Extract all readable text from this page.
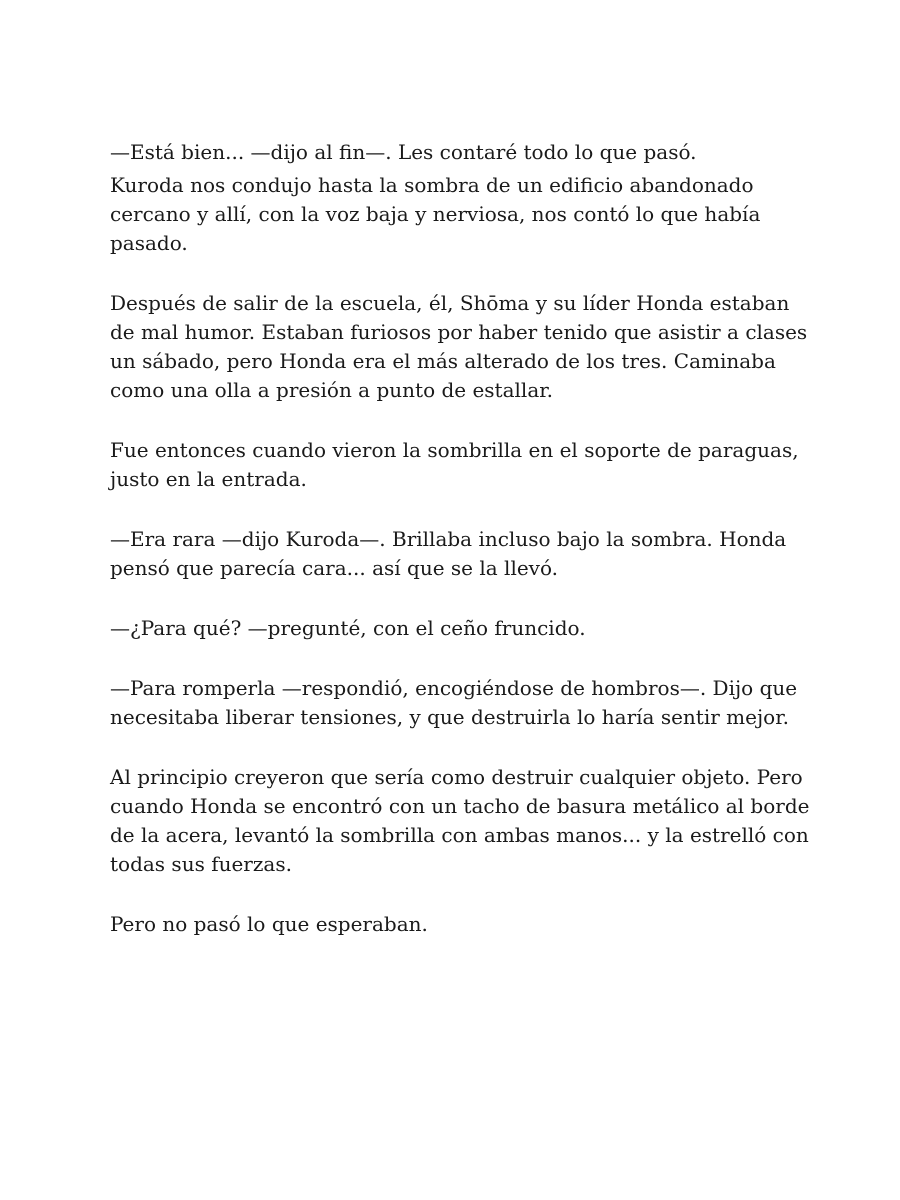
—Está bien... —dijo al fin—. Les contaré todo lo que pasó.

Kuroda nos condujo hasta la sombra de un edificio abandonado cercano y allí, con la voz baja y nerviosa, nos contó lo que había pasado.

Después de salir de la escuela, él, Shōma y su líder Honda estaban de mal humor. Estaban furiosos por haber tenido que asistir a clases un sábado, pero Honda era el más alterado de los tres. Caminaba como una olla a presión a punto de estallar.

Fue entonces cuando vieron la sombrilla en el soporte de paraguas, justo en la entrada.

—Era rara —dijo Kuroda—. Brillaba incluso bajo la sombra. Honda pensó que parecía cara... así que se la llevó.

—¿Para qué? —pregunté, con el ceño fruncido.

—Para romperla —respondió, encogiéndose de hombros—. Dijo que necesitaba liberar tensiones, y que destruirla lo haría sentir mejor.

Al principio creyeron que sería como destruir cualquier objeto. Pero cuando Honda se encontró con un tacho de basura metálico al borde de la acera, levantó la sombrilla con ambas manos... y la estrelló con todas sus fuerzas.

Pero no pasó lo que esperaban.
